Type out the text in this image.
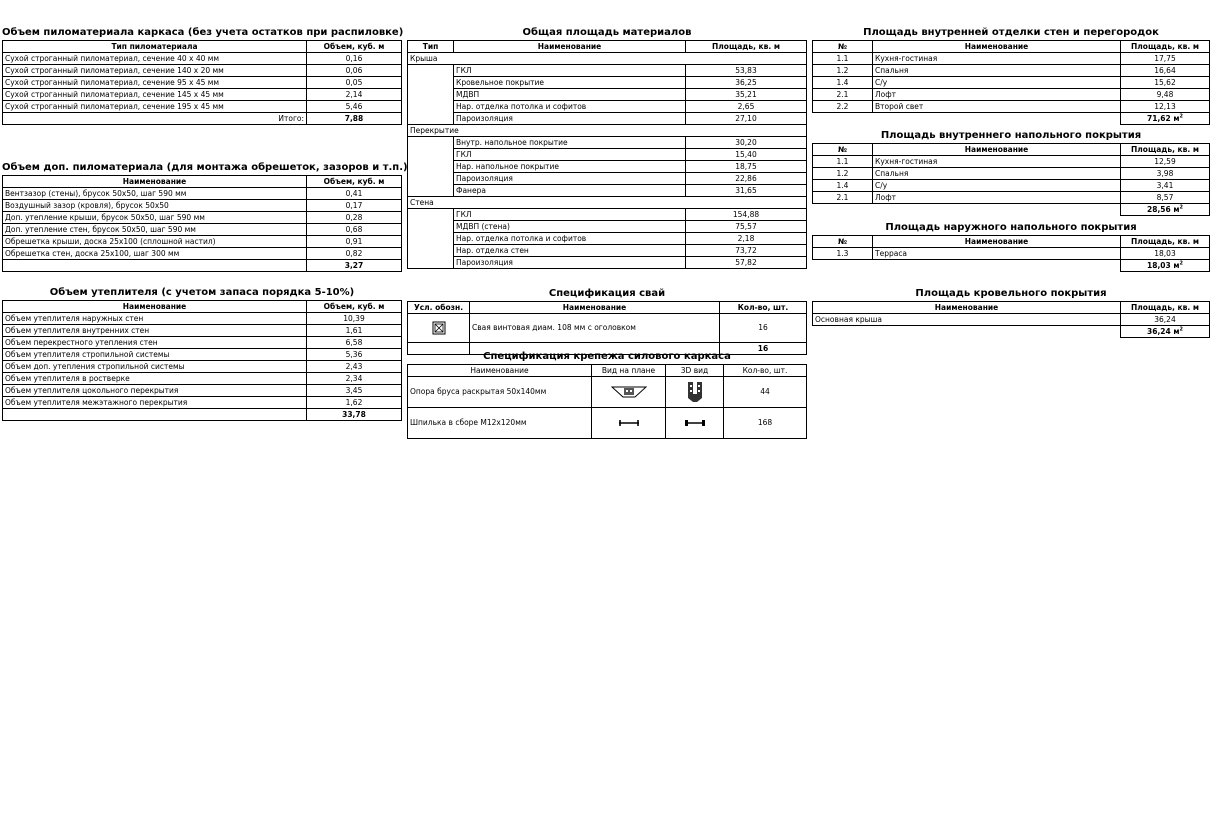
Объем пиломатериала каркаса (без учета остатков при распиловке)
Тип пиломатериала	Объем, куб. м
Сухой строганный пиломатериал, сечение 40 х 40 мм	0,16
Сухой строганный пиломатериал, сечение 140 х 20 мм	0,06
Сухой строганный пиломатериал, сечение 95 х 45 мм	0,05
Сухой строганный пиломатериал, сечение 145 х 45 мм	2,14
Сухой строганный пиломатериал, сечение 195 х 45 мм	5,46
Итого:	7,88
Объем доп. пиломатериала (для монтажа обрешеток, зазоров и т.п.)
Наименование	Объем, куб. м
Вентзазор (стены), брусок 50х50, шаг 590 мм	0,41
Воздушный зазор (кровля), брусок 50х50	0,17
Доп. утепление крыши, брусок 50х50, шаг 590 мм	0,28
Доп. утепление стен, брусок 50х50, шаг 590 мм	0,68
Обрешетка крыши, доска 25х100 (сплошной настил)	0,91
Обрешетка стен, доска 25х100, шаг 300 мм	0,82
	3,27
Объем утеплителя (с учетом запаса порядка 5-10%)
Наименование	Объем, куб. м
Объем утеплителя наружных стен	10,39
Объем утеплителя внутренних стен	1,61
Объем перекрестного утепления стен	6,58
Объем утеплителя стропильной системы	5,36
Объем доп. утепления стропильной системы	2,43
Объем утеплителя в ростверке	2,34
Объем утеплителя цокольного перекрытия	3,45
Объем утеплителя межэтажного перекрытия	1,62
	33,78
Общая площадь материалов
Тип	Наименование	Площадь, кв. м
Крыша		
	ГКЛ	53,83
	Кровельное покрытие	36,25
	МДВП	35,21
	Нар. отделка потолка и софитов	2,65
	Пароизоляция	27,10
Перекрытие		
	Внутр. напольное покрытие	30,20
	ГКЛ	15,40
	Нар. напольное покрытие	18,75
	Пароизоляция	22,86
	Фанера	31,65
Стена		
	ГКЛ	154,88
	МДВП (стена)	75,57
	Нар. отделка потолка и софитов	2,18
	Нар. отделка стен	73,72
	Пароизоляция	57,82
Спецификация свай
Усл. обозн.	Наименование	Кол-во, шт.
	Свая винтовая диам. 108 мм с оголовком	16
		16
Спецификация крепежа силового каркаса
Наименование	Вид на плане	3D вид	Кол-во, шт.
Опора бруса раскрытая 50х140мм			44
Шпилька в сборе М12х120мм			168
Площадь внутренней отделки стен и перегородок
№	Наименование	Площадь, кв. м
1.1	Кухня-гостиная	17,75
1.2	Спальня	16,64
1.4	С/у	15,62
2.1	Лофт	9,48
2.2	Второй свет	12,13
		71,62 $м^2$
Площадь внутреннего напольного покрытия
№	Наименование	Площадь, кв. м
1.1	Кухня-гостиная	12,59
1.2	Спальня	3,98
1.4	С/у	3,41
2.1	Лофт	8,57
		28,56 $м^2$
Площадь наружного напольного покрытия
№	Наименование	Площадь, кв. м
1.3	Терраса	18,03
		18,03 $м^2$
Площадь кровельного покрытия
Наименование	Площадь, кв. м
Основная крыша	36,24
	36,24 $м^2$
